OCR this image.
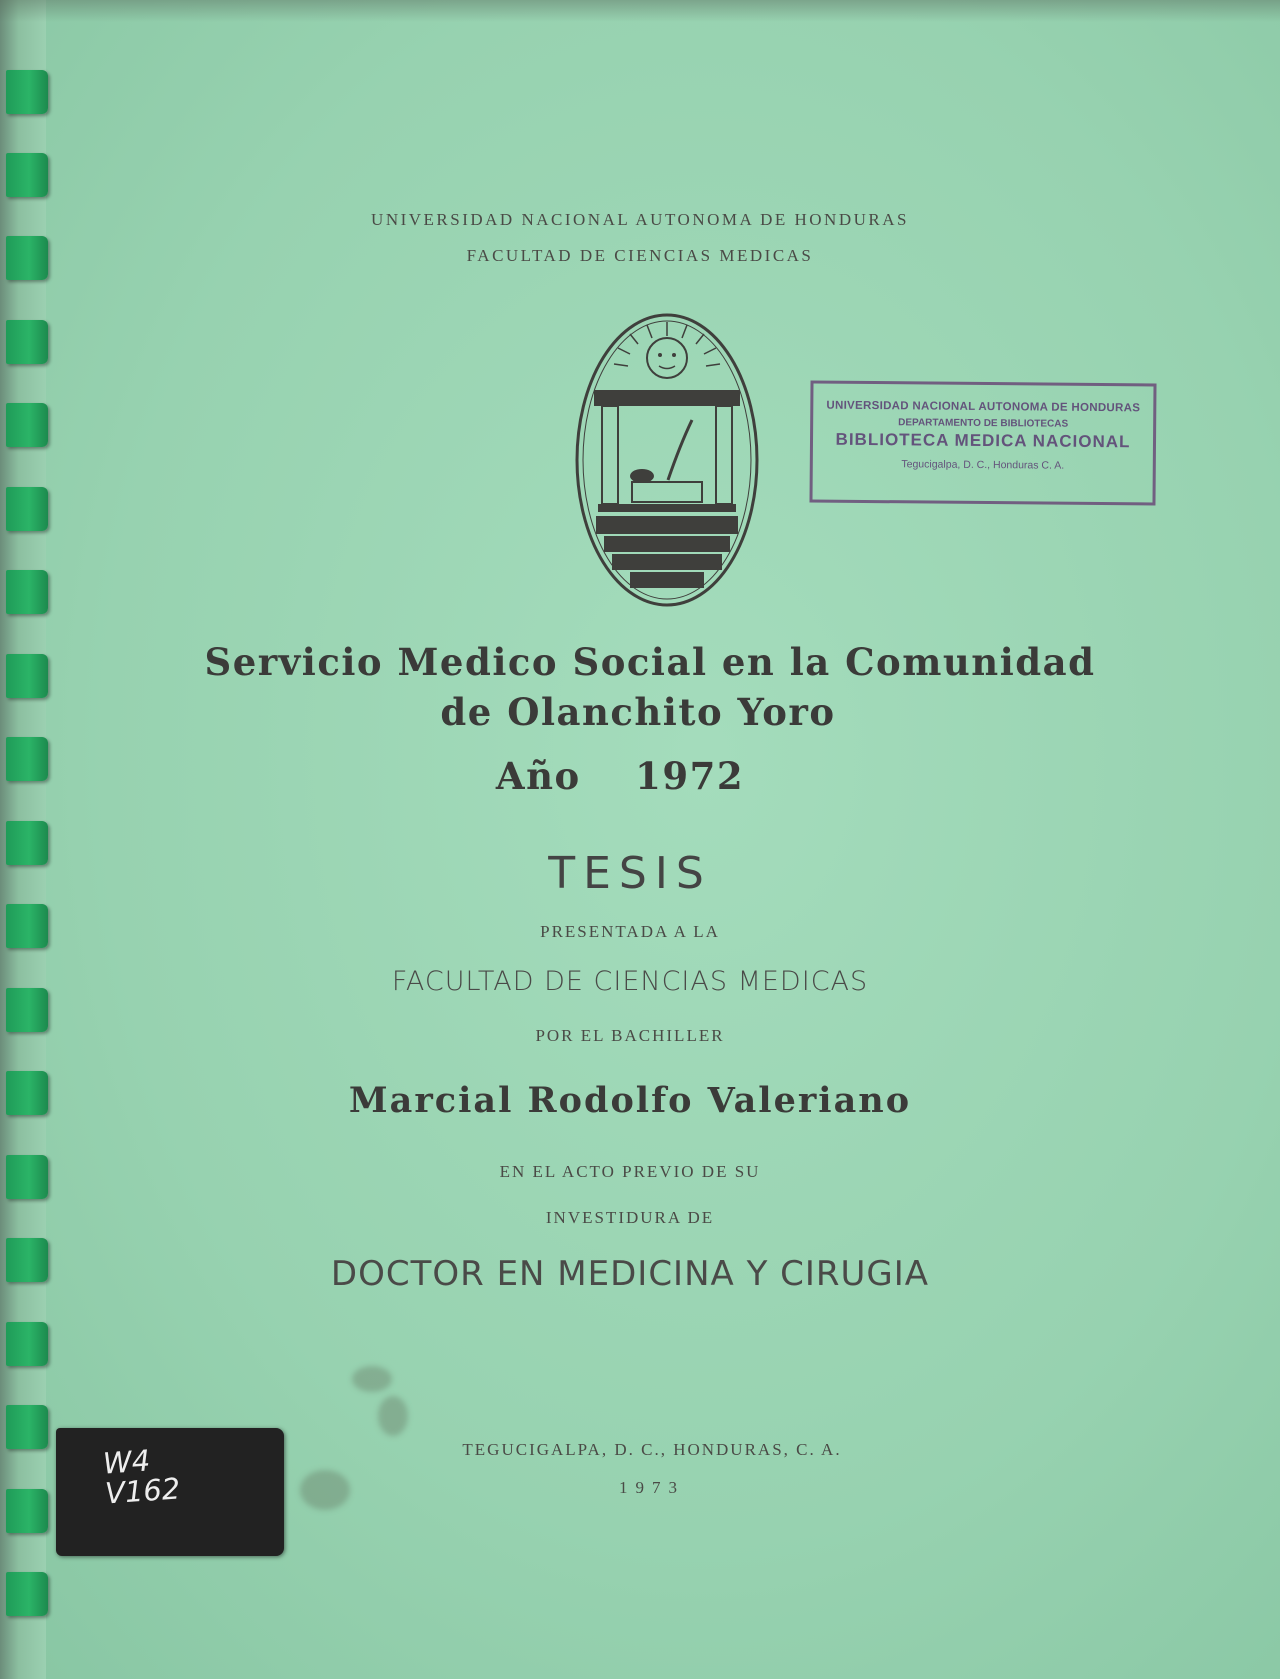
UNIVERSIDAD NACIONAL AUTONOMA DE HONDURAS
FACULTAD DE CIENCIAS MEDICAS
UNIVERSIDAD NACIONAL AUTONOMA DE HONDURAS
DEPARTAMENTO DE BIBLIOTECAS
BIBLIOTECA MEDICA NACIONAL
Tegucigalpa, D. C., Honduras C. A.
Servicio Medico Social en la Comunidad
de Olanchito Yoro
Año 1972
TESIS
PRESENTADA A LA
FACULTAD DE CIENCIAS MEDICAS
POR EL BACHILLER
Marcial Rodolfo Valeriano
EN EL ACTO PREVIO DE SU
INVESTIDURA DE
DOCTOR EN MEDICINA Y CIRUGIA
TEGUCIGALPA, D. C., HONDURAS, C. A.
1973
W4
V162
